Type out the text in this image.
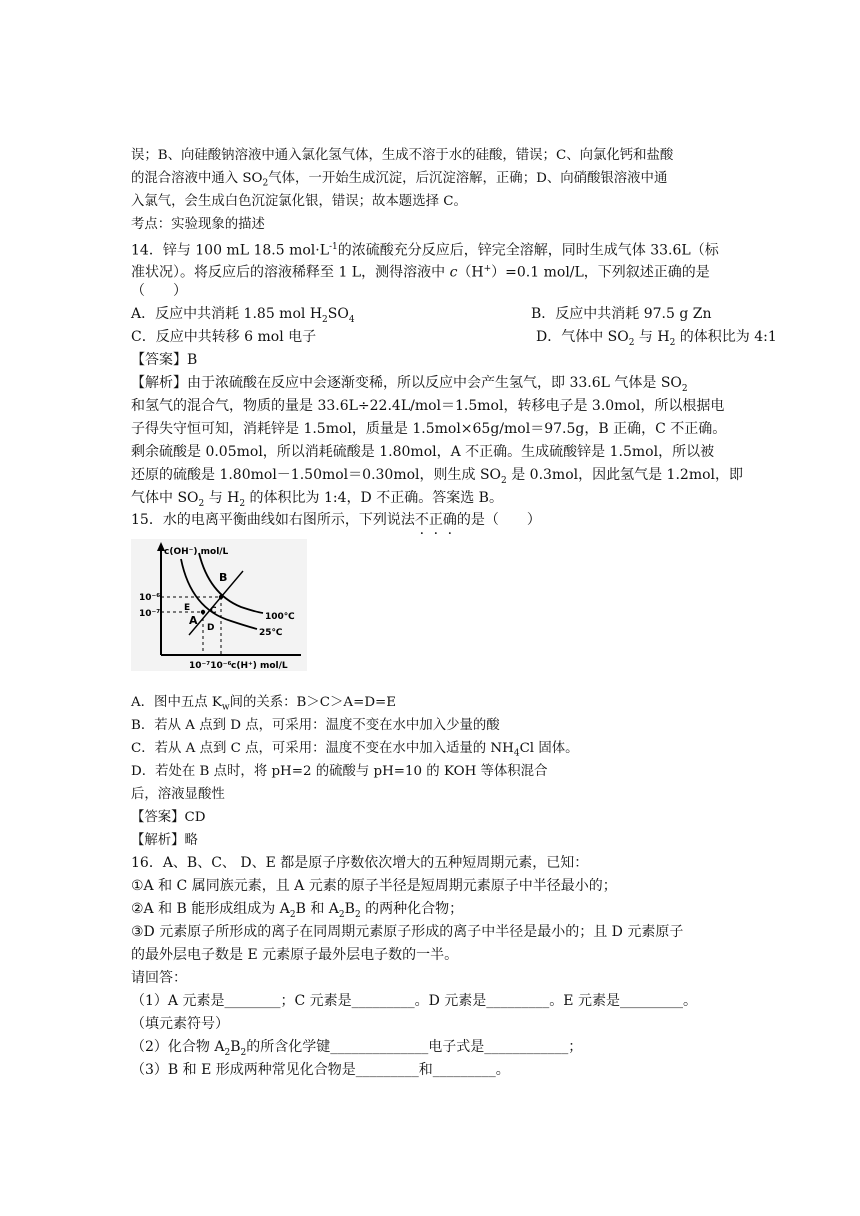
误；B、向硅酸钠溶液中通入氯化氢气体，生成不溶于水的硅酸，错误；C、向氯化钙和盐酸
的混合溶液中通入 $SO_2$气体，一开始生成沉淀，后沉淀溶解，正确；D、向硝酸银溶液中通
入氯气，会生成白色沉淀氯化银，错误；故本题选择 C。
考点：实验现象的描述
14．锌与 100 mL 18.5 $mol\cdot L^{-1}$的浓硫酸充分反应后，锌完全溶解，同时生成气体 33.6L（标
准状况）。将反应后的溶液稀释至 1 L，测得溶液中 c（H+）=0.1 mol/L，下列叙述正确的是
（　　）
A．反应中共消耗 1.85 mol $H_2SO_4$	B．反应中共消耗 97.5 g Zn
C．反应中共转移 6 mol 电子	D．气体中 $SO_2$ 与 $H_2$ 的体积比为 4:1
【答案】B
【解析】由于浓硫酸在反应中会逐渐变稀，所以反应中会产生氢气，即 33.6L 气体是 $SO_2$
和氢气的混合气，物质的量是 33.6L÷22.4L/mol＝1.5mol，转移电子是 3.0mol，所以根据电
子得失守恒可知，消耗锌是 1.5mol，质量是 1.5mol×65g/mol＝97.5g，B 正确，C 不正确。
剩余硫酸是 0.05mol，所以消耗硫酸是 1.80mol，A 不正确。生成硫酸锌是 1.5mol，所以被
还原的硫酸是 1.80mol－1.50mol＝0.30mol，则生成 $SO_2$ 是 0.3mol，因此氢气是 1.2mol，即
气体中 $SO_2$ 与 $H_2$ 的体积比为 1:4，D 不正确。答案选 B。
15．水的电离平衡曲线如右图所示，下列说法不正确的是（　　）
c(OH⁻) mol/L
10⁻⁶
10⁻⁷
10⁻⁷10⁻⁶ c(H⁺) mol/L
100℃
25℃
B
E
A
C
D
A．图中五点 $K_w$间的关系：B＞C＞A=D=E
B．若从 A 点到 D 点，可采用：温度不变在水中加入少量的酸
C．若从 A 点到 C 点，可采用：温度不变在水中加入适量的 $NH_4Cl$ 固体。
D．若处在 B 点时，将 pH=2 的硫酸与 pH=10 的 KOH 等体积混合
后，溶液显酸性
【答案】CD
【解析】略
16．A、B、C、 D、E 都是原子序数依次增大的五种短周期元素，已知：
①A 和 C 属同族元素，且 A 元素的原子半径是短周期元素原子中半径最小的；
②A 和 B 能形成组成为 $A_2B$ 和 $A_2B_2$ 的两种化合物；
③D 元素原子所形成的离子在同周期元素原子形成的离子中半径是最小的；且 D 元素原子
的最外层电子数是 E 元素原子最外层电子数的一半。
请回答：
（1）A 元素是________；C 元素是_________。D 元素是_________。E 元素是_________。
（填元素符号）
（2）化合物 $A_2B_2$的所含化学键______________电子式是____________；
（3）B 和 E 形成两种常见化合物是_________和_________。
